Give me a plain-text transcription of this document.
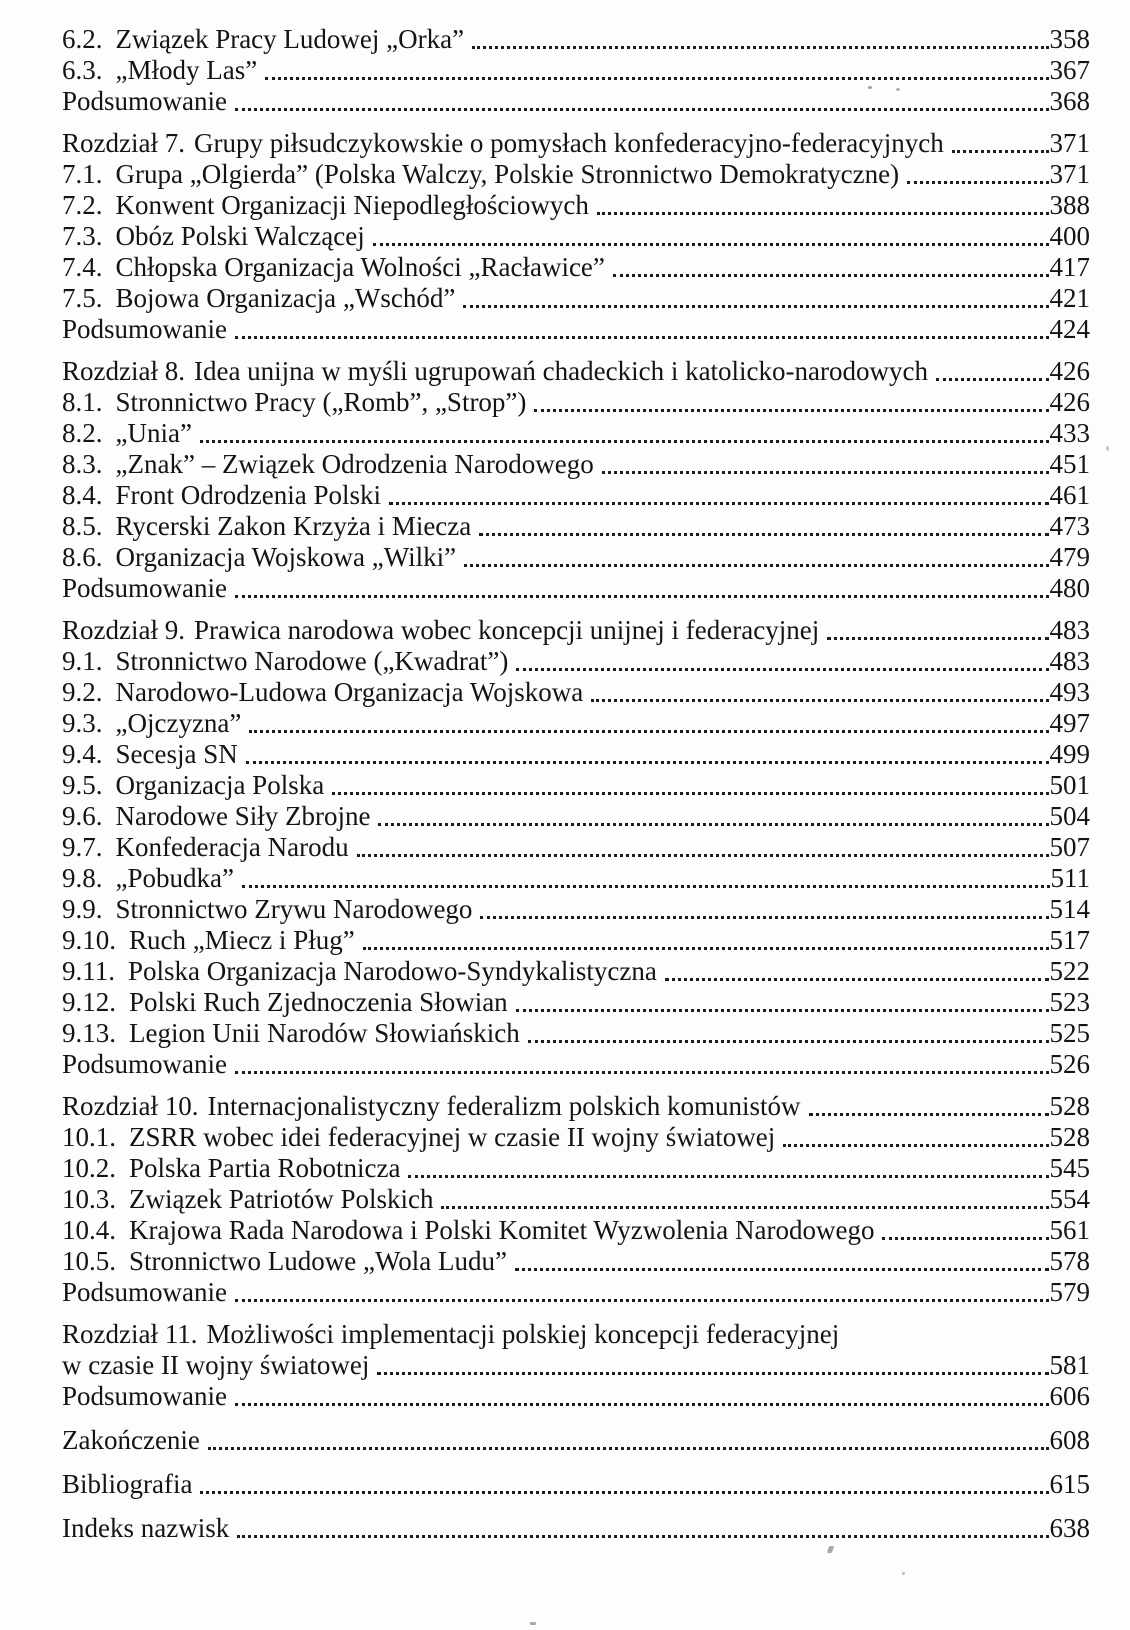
6.2. Związek Pracy Ludowej „Orka”	358
6.3. „Młody Las”	367
Podsumowanie	368
Rozdział 7. Grupy piłsudczykowskie o pomysłach konfederacyjno-federacyjnych	371
7.1. Grupa „Olgierda” (Polska Walczy, Polskie Stronnictwo Demokratyczne)	371
7.2. Konwent Organizacji Niepodległościowych	388
7.3. Obóz Polski Walczącej	400
7.4. Chłopska Organizacja Wolności „Racławice”	417
7.5. Bojowa Organizacja „Wschód”	421
Podsumowanie	424
Rozdział 8. Idea unijna w myśli ugrupowań chadeckich i katolicko-narodowych	426
8.1. Stronnictwo Pracy („Romb”, „Strop”)	426
8.2. „Unia”	433
8.3. „Znak” – Związek Odrodzenia Narodowego	451
8.4. Front Odrodzenia Polski	461
8.5. Rycerski Zakon Krzyża i Miecza	473
8.6. Organizacja Wojskowa „Wilki”	479
Podsumowanie	480
Rozdział 9. Prawica narodowa wobec koncepcji unijnej i federacyjnej	483
9.1. Stronnictwo Narodowe („Kwadrat”)	483
9.2. Narodowo-Ludowa Organizacja Wojskowa	493
9.3. „Ojczyzna”	497
9.4. Secesja SN	499
9.5. Organizacja Polska	501
9.6. Narodowe Siły Zbrojne	504
9.7. Konfederacja Narodu	507
9.8. „Pobudka”	511
9.9. Stronnictwo Zrywu Narodowego	514
9.10. Ruch „Miecz i Pług”	517
9.11. Polska Organizacja Narodowo-Syndykalistyczna	522
9.12. Polski Ruch Zjednoczenia Słowian	523
9.13. Legion Unii Narodów Słowiańskich	525
Podsumowanie	526
Rozdział 10. Internacjonalistyczny federalizm polskich komunistów	528
10.1. ZSRR wobec idei federacyjnej w czasie II wojny światowej	528
10.2. Polska Partia Robotnicza	545
10.3. Związek Patriotów Polskich	554
10.4. Krajowa Rada Narodowa i Polski Komitet Wyzwolenia Narodowego	561
10.5. Stronnictwo Ludowe „Wola Ludu”	578
Podsumowanie	579
Rozdział 11. Możliwości implementacji polskiej koncepcji federacyjnej
w czasie II wojny światowej	581
Podsumowanie	606
Zakończenie	608
Bibliografia	615
Indeks nazwisk	638
